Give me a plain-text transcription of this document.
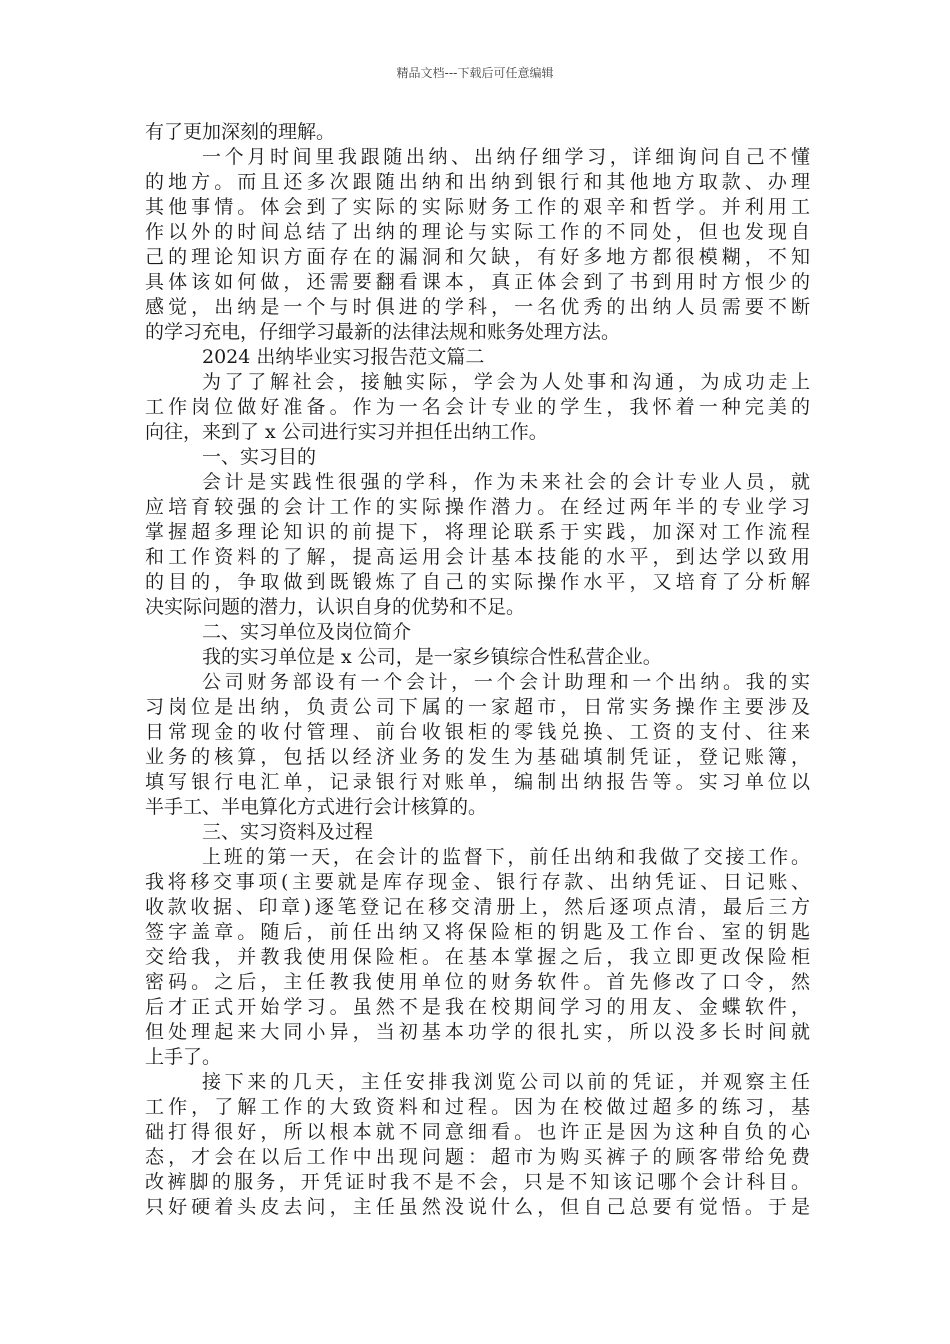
精品文档---下载后可任意编辑
有了更加深刻的理解。
一个月时间里我跟随出纳、出纳仔细学习，详细询问自己不懂
的地方。而且还多次跟随出纳和出纳到银行和其他地方取款、办理
其他事情。体会到了实际的实际财务工作的艰辛和哲学。并利用工
作以外的时间总结了出纳的理论与实际工作的不同处，但也发现自
己的理论知识方面存在的漏洞和欠缺，有好多地方都很模糊，不知
具体该如何做，还需要翻看课本，真正体会到了书到用时方恨少的
感觉，出纳是一个与时俱进的学科，一名优秀的出纳人员需要不断
的学习充电，仔细学习最新的法律法规和账务处理方法。
2024 出纳毕业实习报告范文篇二
为了了解社会，接触实际，学会为人处事和沟通，为成功走上
工作岗位做好准备。作为一名会计专业的学生，我怀着一种完美的
向往，来到了 x 公司进行实习并担任出纳工作。
一、实习目的
会计是实践性很强的学科，作为未来社会的会计专业人员，就
应培育较强的会计工作的实际操作潜力。在经过两年半的专业学习
掌握超多理论知识的前提下，将理论联系于实践，加深对工作流程
和工作资料的了解，提高运用会计基本技能的水平，到达学以致用
的目的，争取做到既锻炼了自己的实际操作水平，又培育了分析解
决实际问题的潜力，认识自身的优势和不足。
二、实习单位及岗位简介
我的实习单位是 x 公司，是一家乡镇综合性私营企业。
公司财务部设有一个会计，一个会计助理和一个出纳。我的实
习岗位是出纳，负责公司下属的一家超市，日常实务操作主要涉及
日常现金的收付管理、前台收银柜的零钱兑换、工资的支付、往来
业务的核算，包括以经济业务的发生为基础填制凭证，登记账簿，
填写银行电汇单，记录银行对账单，编制出纳报告等。实习单位以
半手工、半电算化方式进行会计核算的。
三、实习资料及过程
上班的第一天，在会计的监督下，前任出纳和我做了交接工作。
我将移交事项(主要就是库存现金、银行存款、出纳凭证、日记账、
收款收据、印章)逐笔登记在移交清册上，然后逐项点清，最后三方
签字盖章。随后，前任出纳又将保险柜的钥匙及工作台、室的钥匙
交给我，并教我使用保险柜。在基本掌握之后，我立即更改保险柜
密码。之后，主任教我使用单位的财务软件。首先修改了口令，然
后才正式开始学习。虽然不是我在校期间学习的用友、金蝶软件，
但处理起来大同小异，当初基本功学的很扎实，所以没多长时间就
上手了。
接下来的几天，主任安排我浏览公司以前的凭证，并观察主任
工作，了解工作的大致资料和过程。因为在校做过超多的练习，基
础打得很好，所以根本就不同意细看。也许正是因为这种自负的心
态，才会在以后工作中出现问题：超市为购买裤子的顾客带给免费
改裤脚的服务，开凭证时我不是不会，只是不知该记哪个会计科目。
只好硬着头皮去问，主任虽然没说什么，但自己总要有觉悟。于是
